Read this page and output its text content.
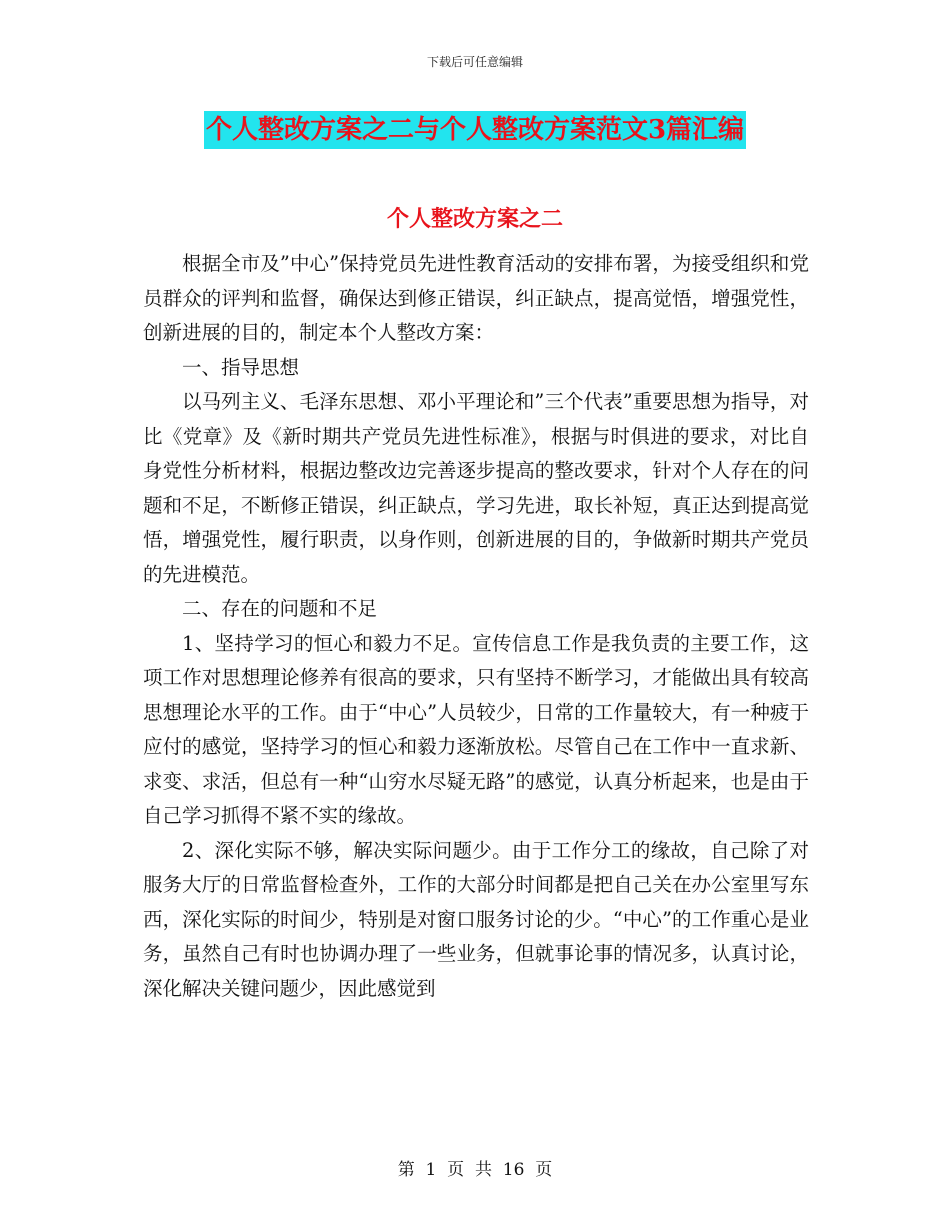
下载后可任意编辑
个人整改方案之二与个人整改方案范文3篇汇编
个人整改方案之二

根据全市及”中心”保持党员先进性教育活动的安排布署，为接受组织和党员群众的评判和监督，确保达到修正错误，纠正缺点，提高觉悟，增强党性，创新进展的目的，制定本个人整改方案：

一、指导思想

以马列主义、毛泽东思想、邓小平理论和”三个代表”重要思想为指导，对比《党章》及《新时期共产党员先进性标准》，根据与时俱进的要求，对比自身党性分析材料，根据边整改边完善逐步提高的整改要求，针对个人存在的问题和不足，不断修正错误，纠正缺点，学习先进，取长补短，真正达到提高觉悟，增强党性，履行职责，以身作则，创新进展的目的，争做新时期共产党员的先进模范。

二、存在的问题和不足

1、坚持学习的恒心和毅力不足。宣传信息工作是我负责的主要工作，这项工作对思想理论修养有很高的要求，只有坚持不断学习，才能做出具有较高思想理论水平的工作。由于“中心”人员较少，日常的工作量较大，有一种疲于应付的感觉，坚持学习的恒心和毅力逐渐放松。尽管自己在工作中一直求新、求变、求活，但总有一种“山穷水尽疑无路”的感觉，认真分析起来，也是由于自己学习抓得不紧不实的缘故。

2、深化实际不够，解决实际问题少。由于工作分工的缘故，自己除了对服务大厅的日常监督检查外，工作的大部分时间都是把自己关在办公室里写东西，深化实际的时间少，特别是对窗口服务讨论的少。“中心”的工作重心是业务，虽然自己有时也协调办理了一些业务，但就事论事的情况多，认真讨论，深化解决关键问题少，因此感觉到

第  1  页  共  16  页
